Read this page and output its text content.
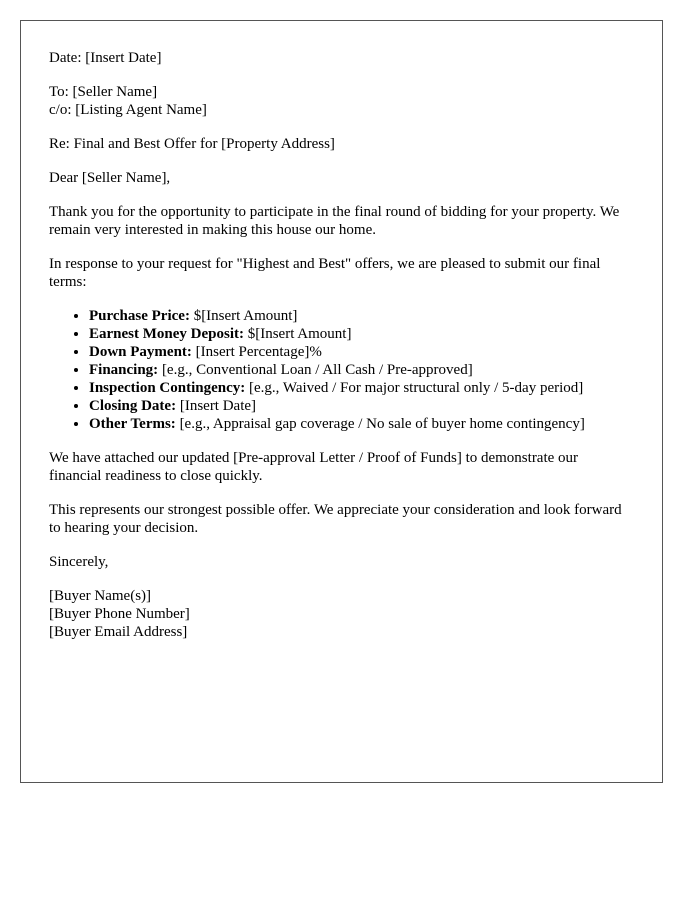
Date: [Insert Date]

To: [Seller Name]
c/o: [Listing Agent Name]

Re: Final and Best Offer for [Property Address]

Dear [Seller Name],

Thank you for the opportunity to participate in the final round of bidding for your property. We remain very interested in making this house our home.

In response to your request for "Highest and Best" offers, we are pleased to submit our final terms:

• Purchase Price: $[Insert Amount]
• Earnest Money Deposit: $[Insert Amount]
• Down Payment: [Insert Percentage]%
• Financing: [e.g., Conventional Loan / All Cash / Pre-approved]
• Inspection Contingency: [e.g., Waived / For major structural only / 5-day period]
• Closing Date: [Insert Date]
• Other Terms: [e.g., Appraisal gap coverage / No sale of buyer home contingency]

We have attached our updated [Pre-approval Letter / Proof of Funds] to demonstrate our financial readiness to close quickly.

This represents our strongest possible offer. We appreciate your consideration and look forward to hearing your decision.

Sincerely,

[Buyer Name(s)]
[Buyer Phone Number]
[Buyer Email Address]
